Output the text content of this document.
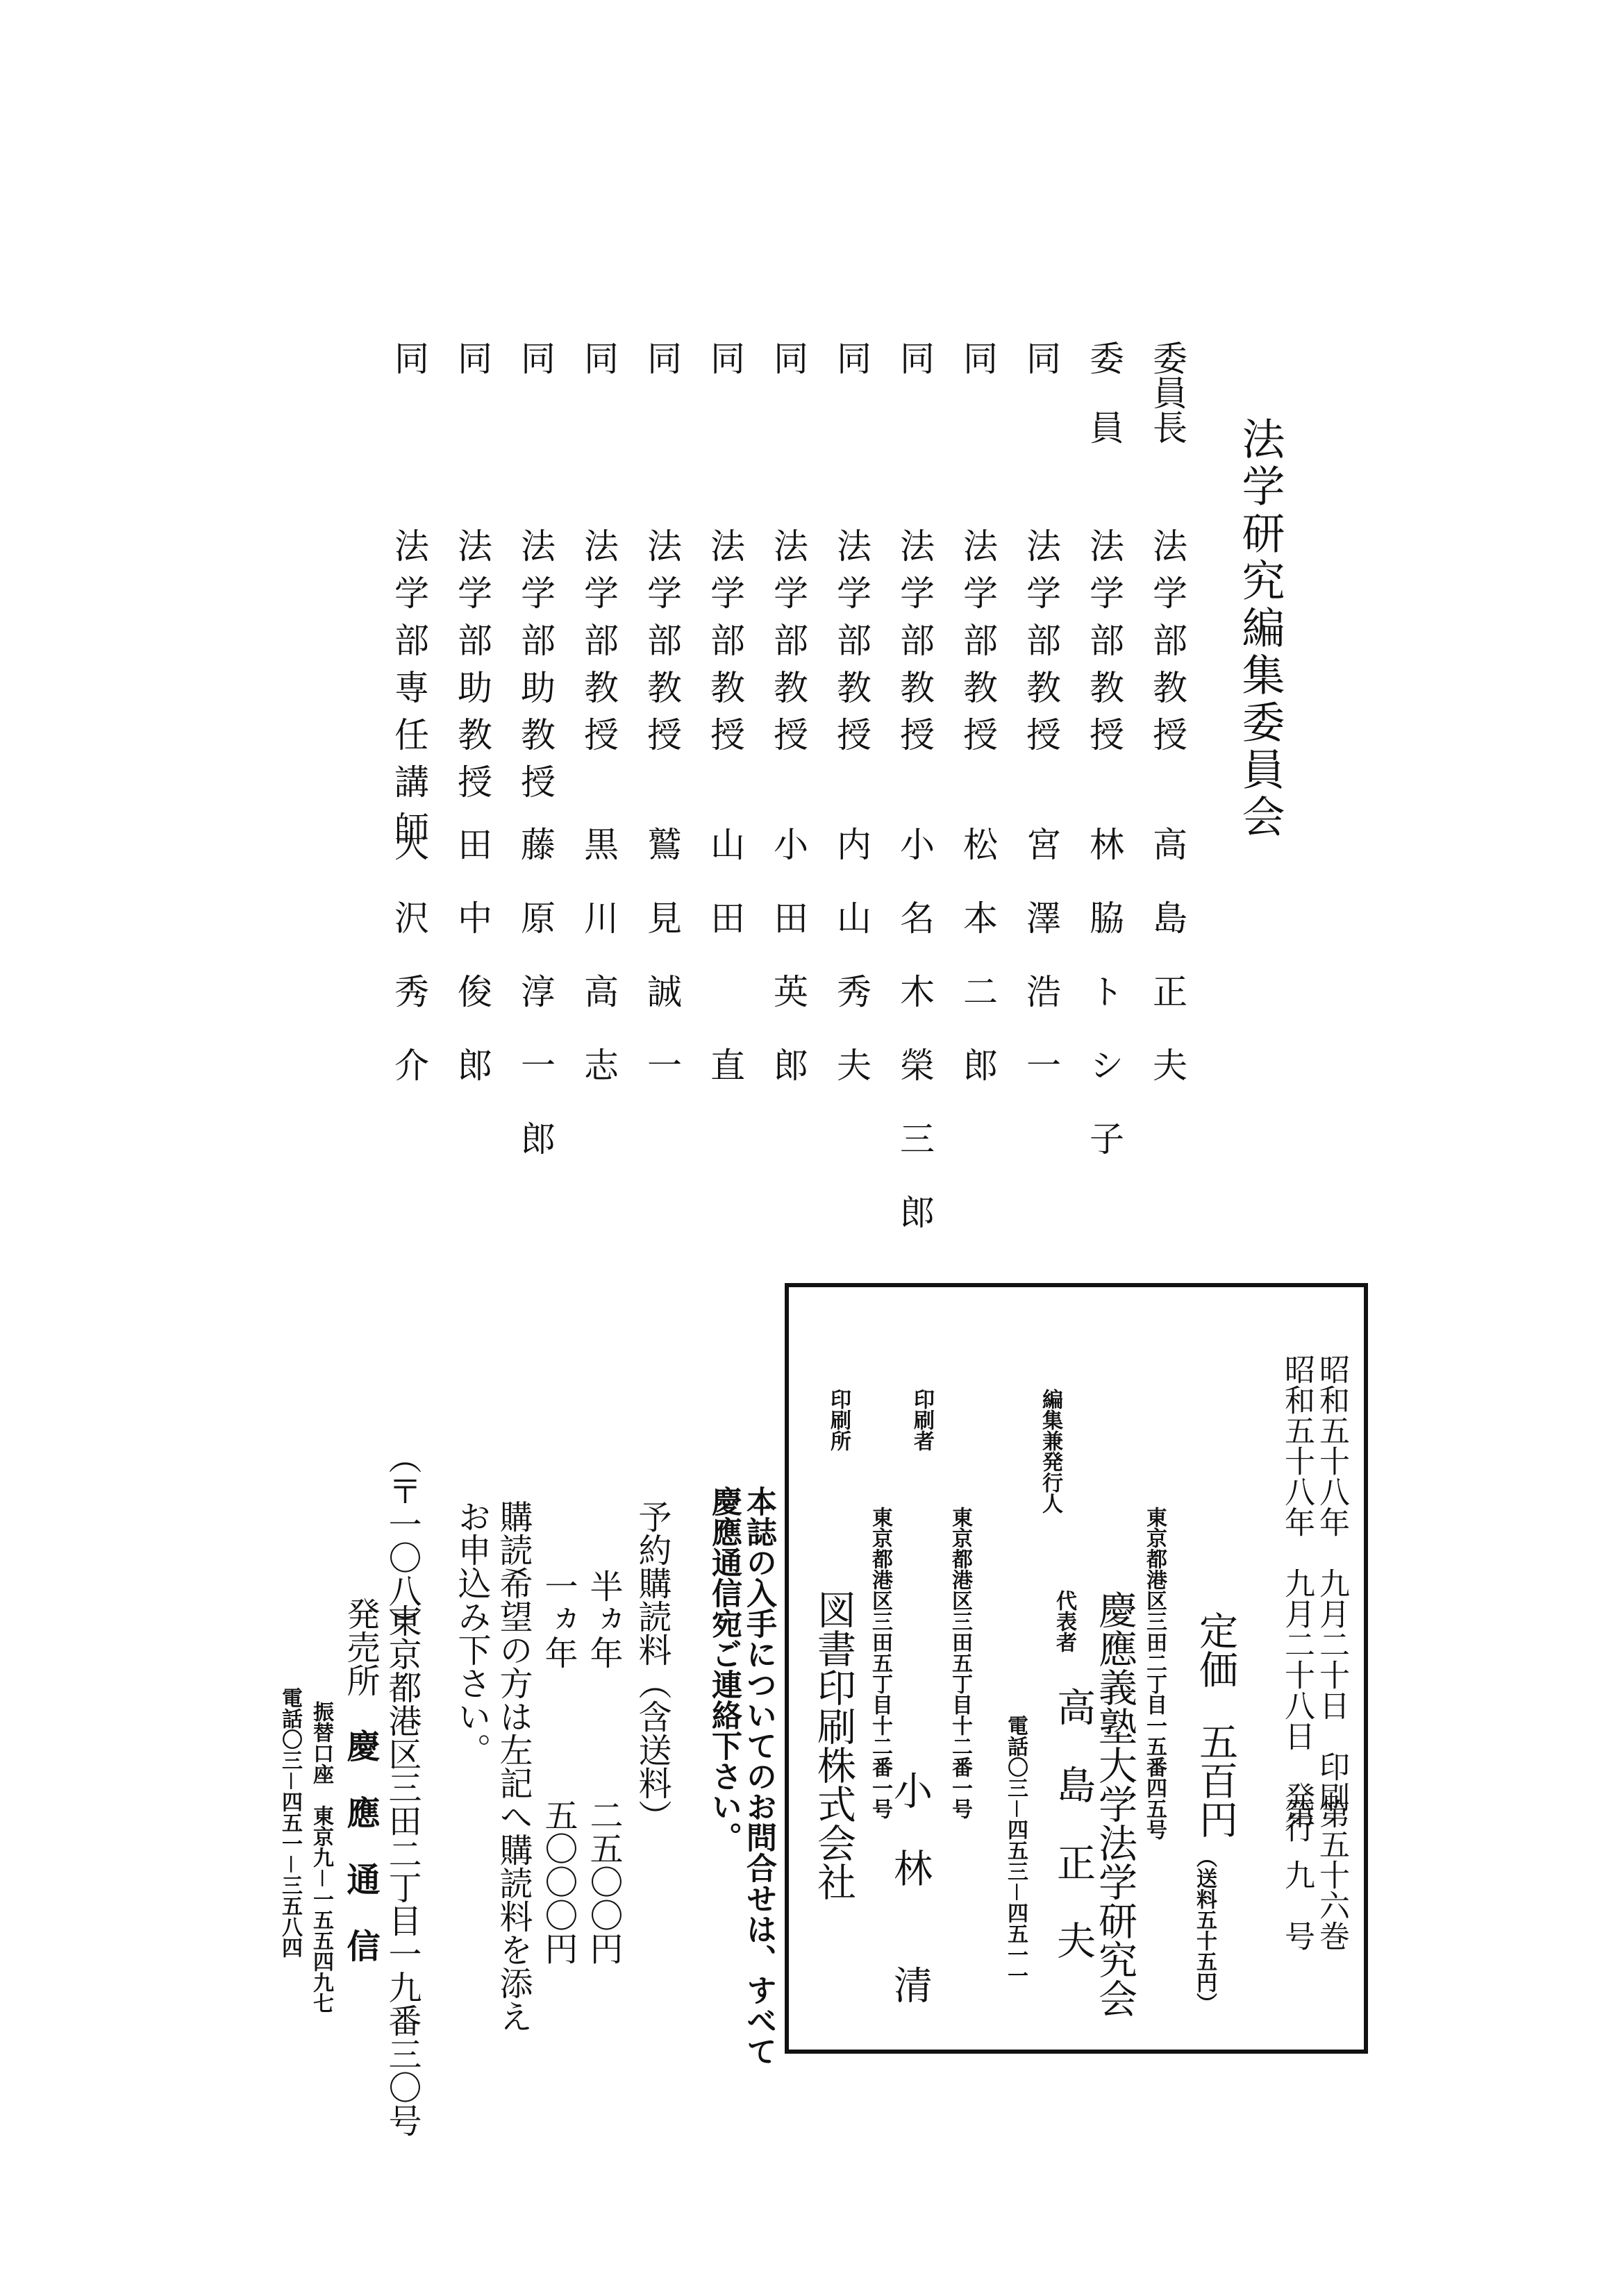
法学研究編集委員会
委員長
法学部教授
高島正夫
委　員
法学部教授
林脇トシ子
同
法学部教授
宮澤浩一
同
法学部教授
松本二郎
同
法学部教授
小名木榮三郎
同
法学部教授
内山秀夫
同
法学部教授
小田英郎
同
法学部教授
山田　直
同
法学部教授
鷲見誠一
同
法学部教授
黒川高志
同
法学部助教授
藤原淳一郎
同
法学部助教授
田中俊郎
同
法学部専任講師
大沢秀介
昭和五十八年　九月二十日　印刷
昭和五十八年　九月二十八日　発行
第五十六巻
第　九　号
定価
五百円
（送料五十五円）
編集兼発行人
東京都港区三田二丁目一五番四五号
慶應義塾大学法学研究会
代表者
高　島　正　夫
電話〇三－四五三－四五一一
印刷者
東京都港区三田五丁目十二番一号
小　林　　清
印刷所
東京都港区三田五丁目十二番一号
図書印刷株式会社
本誌の入手についてのお問合せは、すべて
慶應通信宛ご連絡下さい。
予約購読料（含送料）
半ヵ年
二五〇〇円
一ヵ年
五〇〇〇円
購読希望の方は左記へ購読料を添え
お申込み下さい。
（〒一〇八）
東京都港区三田二丁目一九番三〇号
発売所
慶　應　通　信
振替口座　東京九－一五五四九七
電話〇三－四五一－三五八四
